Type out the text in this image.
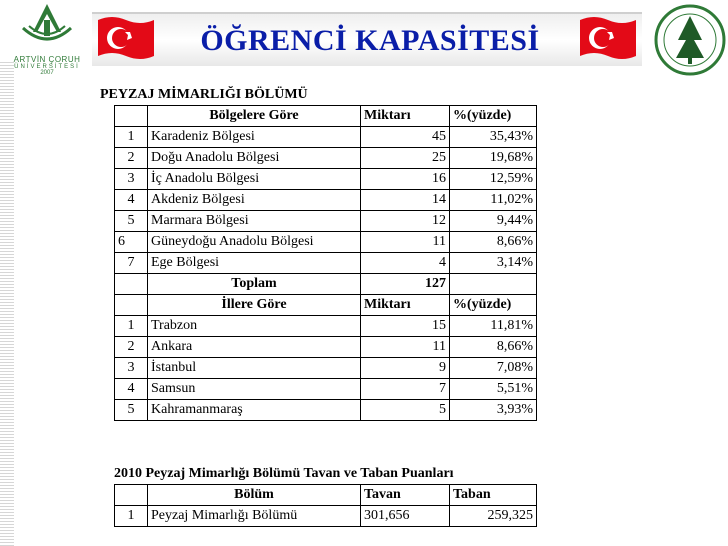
ARTVİN ÇORUH
ÜNİVERSİTESİ
2007
ÖĞRENCİ KAPASİTESİ
PEYZAJ MİMARLIĞI BÖLÜMÜ
	Bölgelere Göre	Miktarı	%(yüzde)
1	Karadeniz Bölgesi	45	35,43%
2	Doğu Anadolu Bölgesi	25	19,68%
3	İç Anadolu Bölgesi	16	12,59%
4	Akdeniz Bölgesi	14	11,02%
5	Marmara Bölgesi	12	9,44%
6	Güneydoğu Anadolu Bölgesi	11	8,66%
7	Ege Bölgesi	4	3,14%
	Toplam	127	
	İllere Göre	Miktarı	%(yüzde)
1	Trabzon	15	11,81%
2	Ankara	11	8,66%
3	İstanbul	9	7,08%
4	Samsun	7	5,51%
5	Kahramanmaraş	5	3,93%
2010 Peyzaj Mimarlığı Bölümü Tavan ve Taban Puanları
	Bölüm	Tavan	Taban
1	Peyzaj Mimarlığı Bölümü	301,656	259,325
